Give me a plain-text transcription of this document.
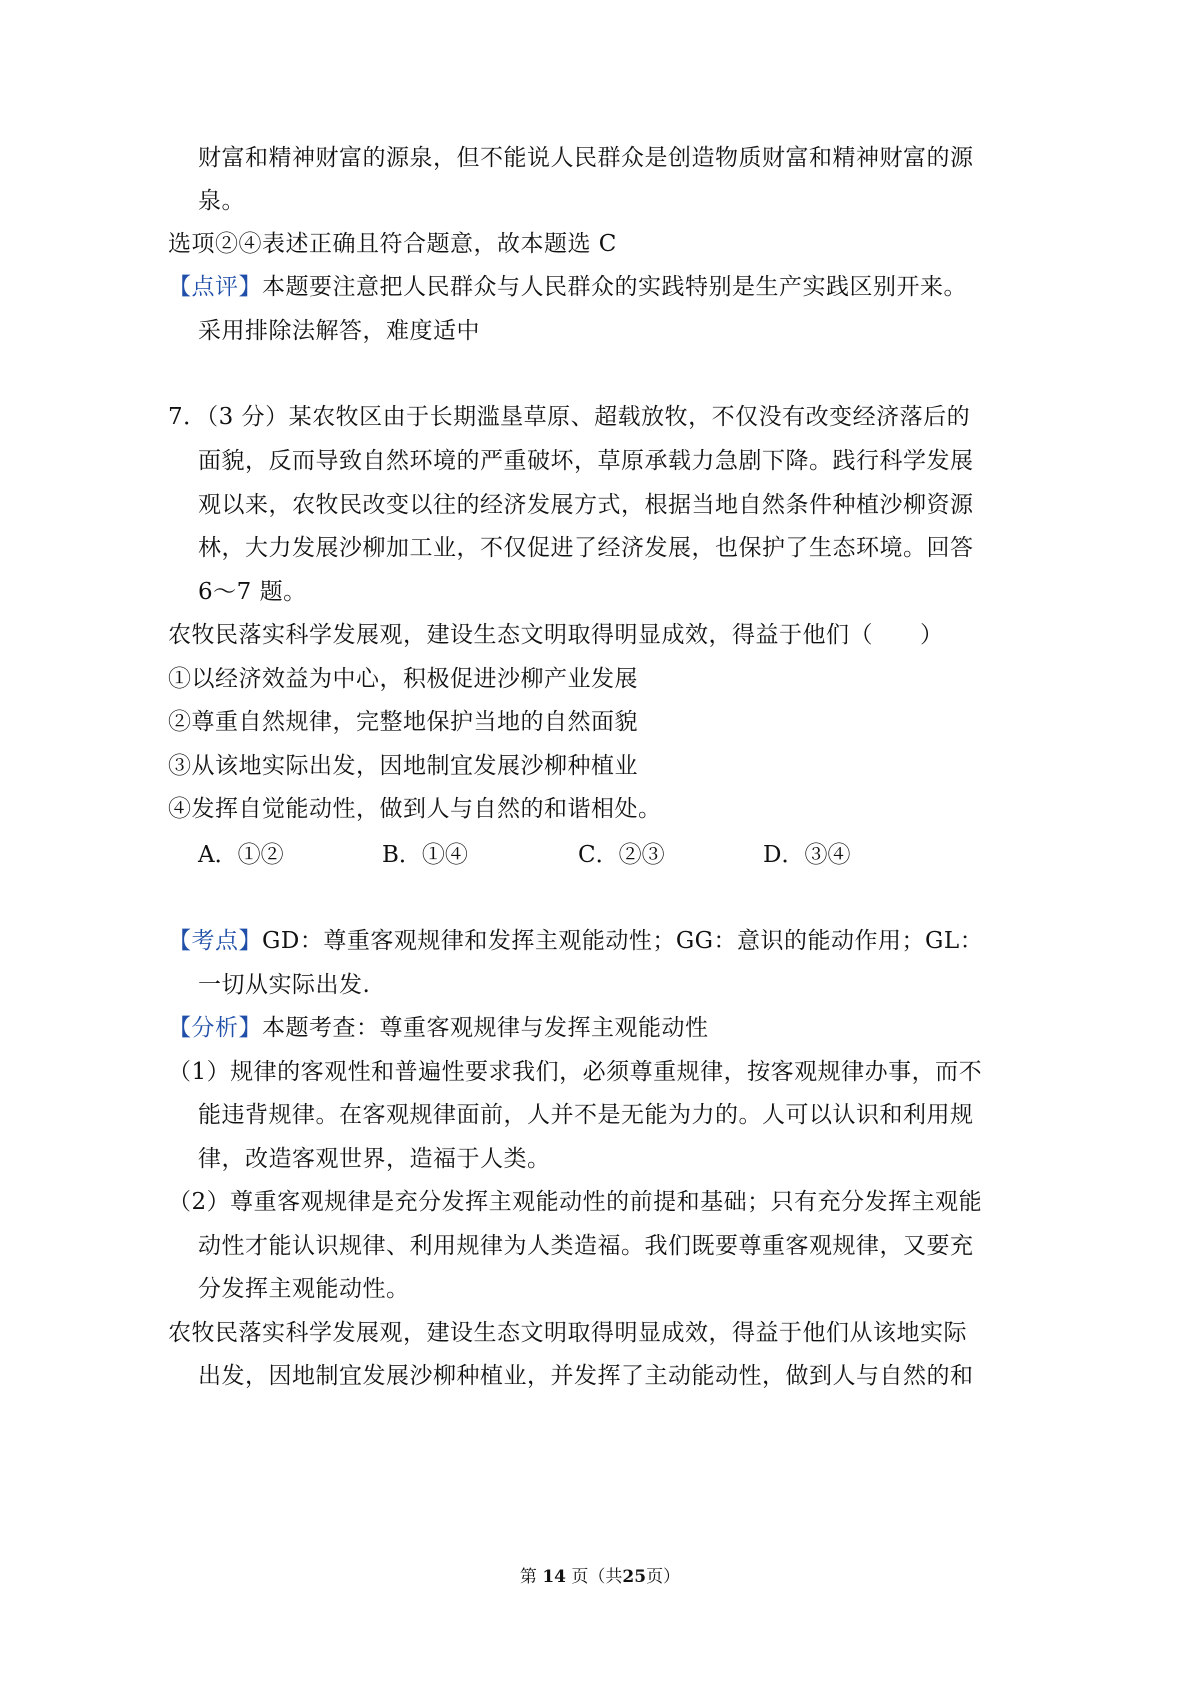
财富和精神财富的源泉，但不能说人民群众是创造物质财富和精神财富的源
泉。
选项②④表述正确且符合题意，故本题选 C
【点评】本题要注意把人民群众与人民群众的实践特别是生产实践区别开来。
采用排除法解答，难度适中
7．（3 分）某农牧区由于长期滥垦草原、超载放牧，不仅没有改变经济落后的
面貌，反而导致自然环境的严重破坏，草原承载力急剧下降。践行科学发展
观以来，农牧民改变以往的经济发展方式，根据当地自然条件种植沙柳资源
林，大力发展沙柳加工业，不仅促进了经济发展，也保护了生态环境。回答
6～7 题。
农牧民落实科学发展观，建设生态文明取得明显成效，得益于他们（　　）
①以经济效益为中心，积极促进沙柳产业发展
②尊重自然规律，完整地保护当地的自然面貌
③从该地实际出发，因地制宜发展沙柳种植业
④发挥自觉能动性，做到人与自然的和谐相处。
A．①②	B．①④	C．②③	D．③④
【考点】GD：尊重客观规律和发挥主观能动性；GG：意识的能动作用；GL：
一切从实际出发.
【分析】本题考查：尊重客观规律与发挥主观能动性
（1）规律的客观性和普遍性要求我们，必须尊重规律，按客观规律办事，而不
能违背规律。在客观规律面前，人并不是无能为力的。人可以认识和利用规
律，改造客观世界，造福于人类。
（2）尊重客观规律是充分发挥主观能动性的前提和基础；只有充分发挥主观能
动性才能认识规律、利用规律为人类造福。我们既要尊重客观规律，又要充
分发挥主观能动性。
农牧民落实科学发展观，建设生态文明取得明显成效，得益于他们从该地实际
出发，因地制宜发展沙柳种植业，并发挥了主动能动性，做到人与自然的和
第 14 页（共25页）
